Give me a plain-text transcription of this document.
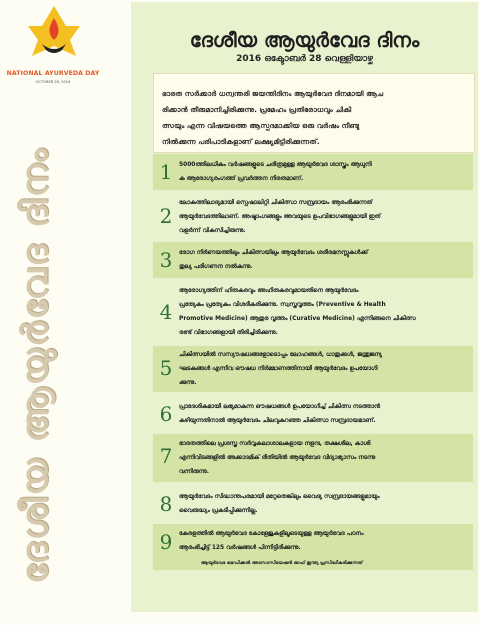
NATIONAL AYURVEDA DAY
OCTOBER 28, 2016
ദേശീയ ആയുർവേദ ദിനം
ദേശീയ ആയുർവേദ ദിനം
2016 ഒക്ടോബർ 28 വെള്ളിയാഴ്ച
ഭാരത സർക്കാർ ധന്വന്തരി ജയന്തിദിനം ആയുർവേദ ദിനമായി ആച
രിക്കാൻ തീരുമാനിച്ചിരിക്കുന്നു. പ്രമേഹം പ്രതിരോധവും ചികി
ത്സയും എന്ന വിഷയത്തെ ആസ്പദമാക്കിയ ഒരു വർഷം നീണ്ടു
നിൽക്കുന്ന പരിപാടികളാണ് ലക്ഷ്യമിട്ടിരിക്കുന്നത്.
1	5000ത്തിലധികം വർഷങ്ങളുടെ ചരിത്രമുള്ള ആയുർവേദ ശാസ്ത്രം ആധുനി
ക ആരോഗ്യരംഗത്ത് പ്രവർത്തന നിരതമാണ്.
2
ലോകത്തിലാദ്യമായി സ്പെഷാലിറ്റി ചികിത്സാ സമ്പ്രദായം ആരംഭിക്കുന്നത്
ആയുർവേദത്തിലാണ്. അഷ്ടാംഗങ്ങളും അവയുടെ ഉപവിഭാഗങ്ങളുമായി ഇത്
വളർന്ന് വികസിച്ചിരുന്നു.
3	രോഗ നിർണയത്തിലും ചികിത്സയിലും ആയുർവേദം ശരീരമനസ്സുകൾക്ക്
തുല്യ പരിഗണന നൽകുന്നു.
4
ആരോഗ്യത്തിന് ഹിതകരവും അഹിതകരവുമായതിനെ ആയുർവേദം
പ്രത്യേകം പ്രത്യേകം വിശദീകരിക്കുന്നു. സ്വസ്തവൃത്തം (Preventive & Health
Promotive Medicine) ആതുര വൃത്തം (Curative Medicine) എന്നിങ്ങനെ ചികിത്സ
രണ്ട് വിഭാഗങ്ങളായി തിരിച്ചിരിക്കുന്നു.
5
ചികിത്സയിൽ സസ്യൗഷധങ്ങളോടൊപ്പം ലോഹങ്ങൾ, ധാതുക്കൾ, ജന്തുജന്യ
ഘടകങ്ങൾ എന്നിവ ഔഷധ നിർമ്മാണത്തിനായി ആയുർവേദം ഉപയോഗി
ക്കുന്നു.
6	പ്രാദേശികമായി ലഭ്യമാകുന്ന ഔഷധങ്ങൾ ഉപയോഗിച്ച് ചികിത്സ നടത്താൻ
കഴിയുന്നതിനാൽ ആയുർവേദം ചിലവുകുറഞ്ഞ ചികിത്സാ സമ്പ്രദായമാണ്.
7	ഭാരതത്തിലെ പ്രശസ്ത സർവ്വകലാശാലകളായ നളന്ദ, തക്ഷശില, കാശി
എന്നിവിടങ്ങളിൽ അക്കാദമിക് രീതിയിൽ ആയുർവേദ വിദ്യാഭ്യാസം നടന്നു
വന്നിരുന്നു.
8	ആയുർവേദം സിദ്ധാന്തപരമായി മറ്റേതെങ്കിലും വൈദ്യ സമ്പ്രദായങ്ങളുമായും
വൈരുദ്ധ്യം പ്രകടിപ്പിക്കുന്നില്ല.
9	കേരളത്തിൽ ആയുർവേദ കോളേജുകളിലൂടെയുള്ള ആയുർവേദ പഠനം
ആരംഭിച്ചിട്ട് 125 വർഷങ്ങൾ പിന്നിട്ടിരിക്കുന്നു.
ആയുർവേദ മെഡിക്കൽ അസോസിയേഷൻ ഓഫ് ഇന്ത്യ പ്രസിദ്ധീകരിക്കുന്നത്
